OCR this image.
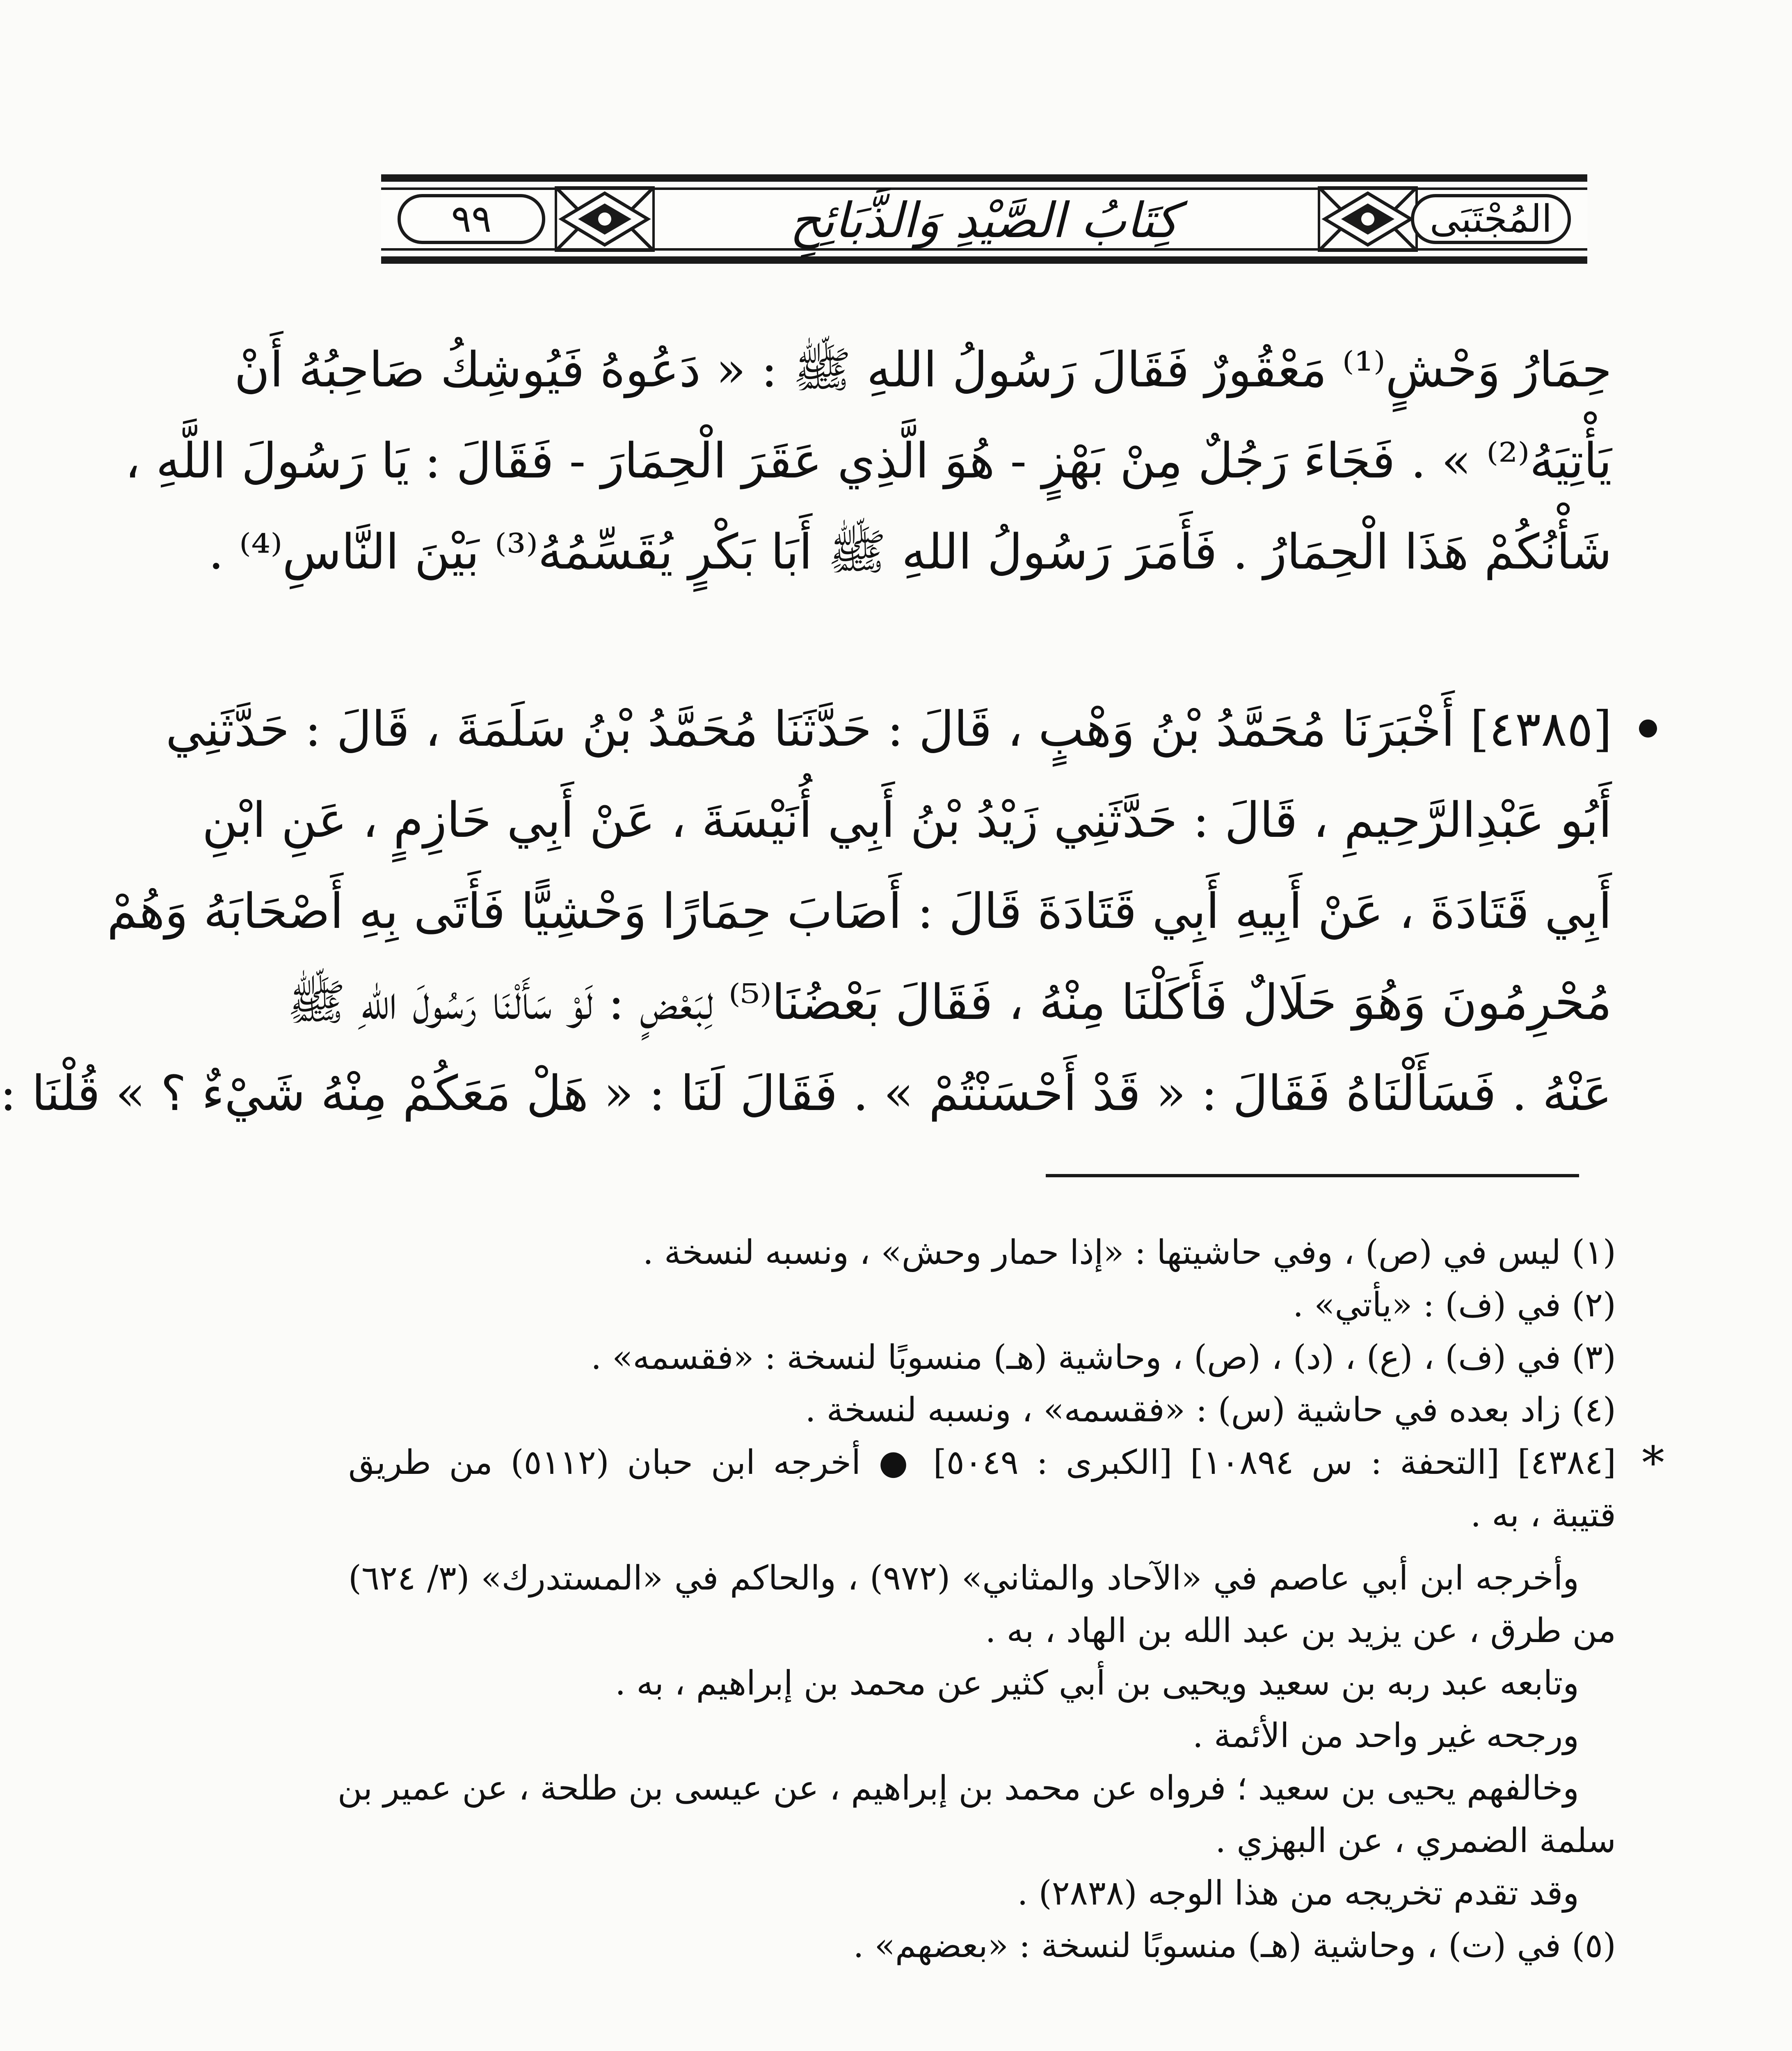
٩٩	كِتَابُ الصَّيْدِ وَالذَّبَائِحِ	المُجْتَبَى
حِمَارُ وَحْشٍ⁽¹⁾ مَعْقُورٌ فَقَالَ رَسُولُ اللهِ ﷺ : « دَعُوهُ فَيُوشِكُ صَاحِبُهُ أَنْ
يَأْتِيَهُ⁽²⁾ » . فَجَاءَ رَجُلٌ مِنْ بَهْزٍ - هُوَ الَّذِي عَقَرَ الْحِمَارَ - فَقَالَ : يَا رَسُولَ اللَّهِ ،
شَأْنُكُمْ هَذَا الْحِمَارُ . فَأَمَرَ رَسُولُ اللهِ ﷺ أَبَا بَكْرٍ يُقَسِّمُهُ⁽³⁾ بَيْنَ النَّاسِ⁽⁴⁾ .
[٤٣٨٥] أَخْبَرَنَا مُحَمَّدُ بْنُ وَهْبٍ ، قَالَ : حَدَّثَنَا مُحَمَّدُ بْنُ سَلَمَةَ ، قَالَ : حَدَّثَنِي
أَبُو عَبْدِالرَّحِيمِ ، قَالَ : حَدَّثَنِي زَيْدُ بْنُ أَبِي أُنَيْسَةَ ، عَنْ أَبِي حَازِمٍ ، عَنِ ابْنِ
أَبِي قَتَادَةَ ، عَنْ أَبِيهِ أَبِي قَتَادَةَ قَالَ : أَصَابَ حِمَارًا وَحْشِيًّا فَأَتَى بِهِ أَصْحَابَهُ وَهُمْ
مُحْرِمُونَ وَهُوَ حَلَالٌ فَأَكَلْنَا مِنْهُ ، فَقَالَ بَعْضُنَا⁽⁵⁾ لِبَعْضٍ : لَوْ سَأَلْنَا رَسُولَ اللهِ ﷺ
عَنْهُ . فَسَأَلْنَاهُ فَقَالَ : « قَدْ أَحْسَنْتُمْ » . فَقَالَ لَنَا : « هَلْ مَعَكُمْ مِنْهُ شَيْءٌ ؟ » قُلْنَا :
(١) ليس في (ص) ، وفي حاشيتها : «إذا حمار وحش» ، ونسبه لنسخة .
(٢) في (ف) : «يأتي» .
(٣) في (ف) ، (ع) ، (د) ، (ص) ، وحاشية (هـ) منسوبًا لنسخة : «فقسمه» .
(٤) زاد بعده في حاشية (س) : «فقسمه» ، ونسبه لنسخة .
*
[٤٣٨٤] [التحفة : س ١٠٨٩٤] [الكبرى : ٥٠٤٩] ● أخرجه ابن حبان (٥١١٢) من طريق
قتيبة ، به .
وأخرجه ابن أبي عاصم في «الآحاد والمثاني» (٩٧٢) ، والحاكم في «المستدرك» (٣/ ٦٢٤)
من طرق ، عن يزيد بن عبد الله بن الهاد ، به .
وتابعه عبد ربه بن سعيد ويحيى بن أبي كثير عن محمد بن إبراهيم ، به .
ورجحه غير واحد من الأئمة .
وخالفهم يحيى بن سعيد ؛ فرواه عن محمد بن إبراهيم ، عن عيسى بن طلحة ، عن عمير بن
سلمة الضمري ، عن البهزي .
وقد تقدم تخريجه من هذا الوجه (٢٨٣٨) .
(٥) في (ت) ، وحاشية (هـ) منسوبًا لنسخة : «بعضهم» .
